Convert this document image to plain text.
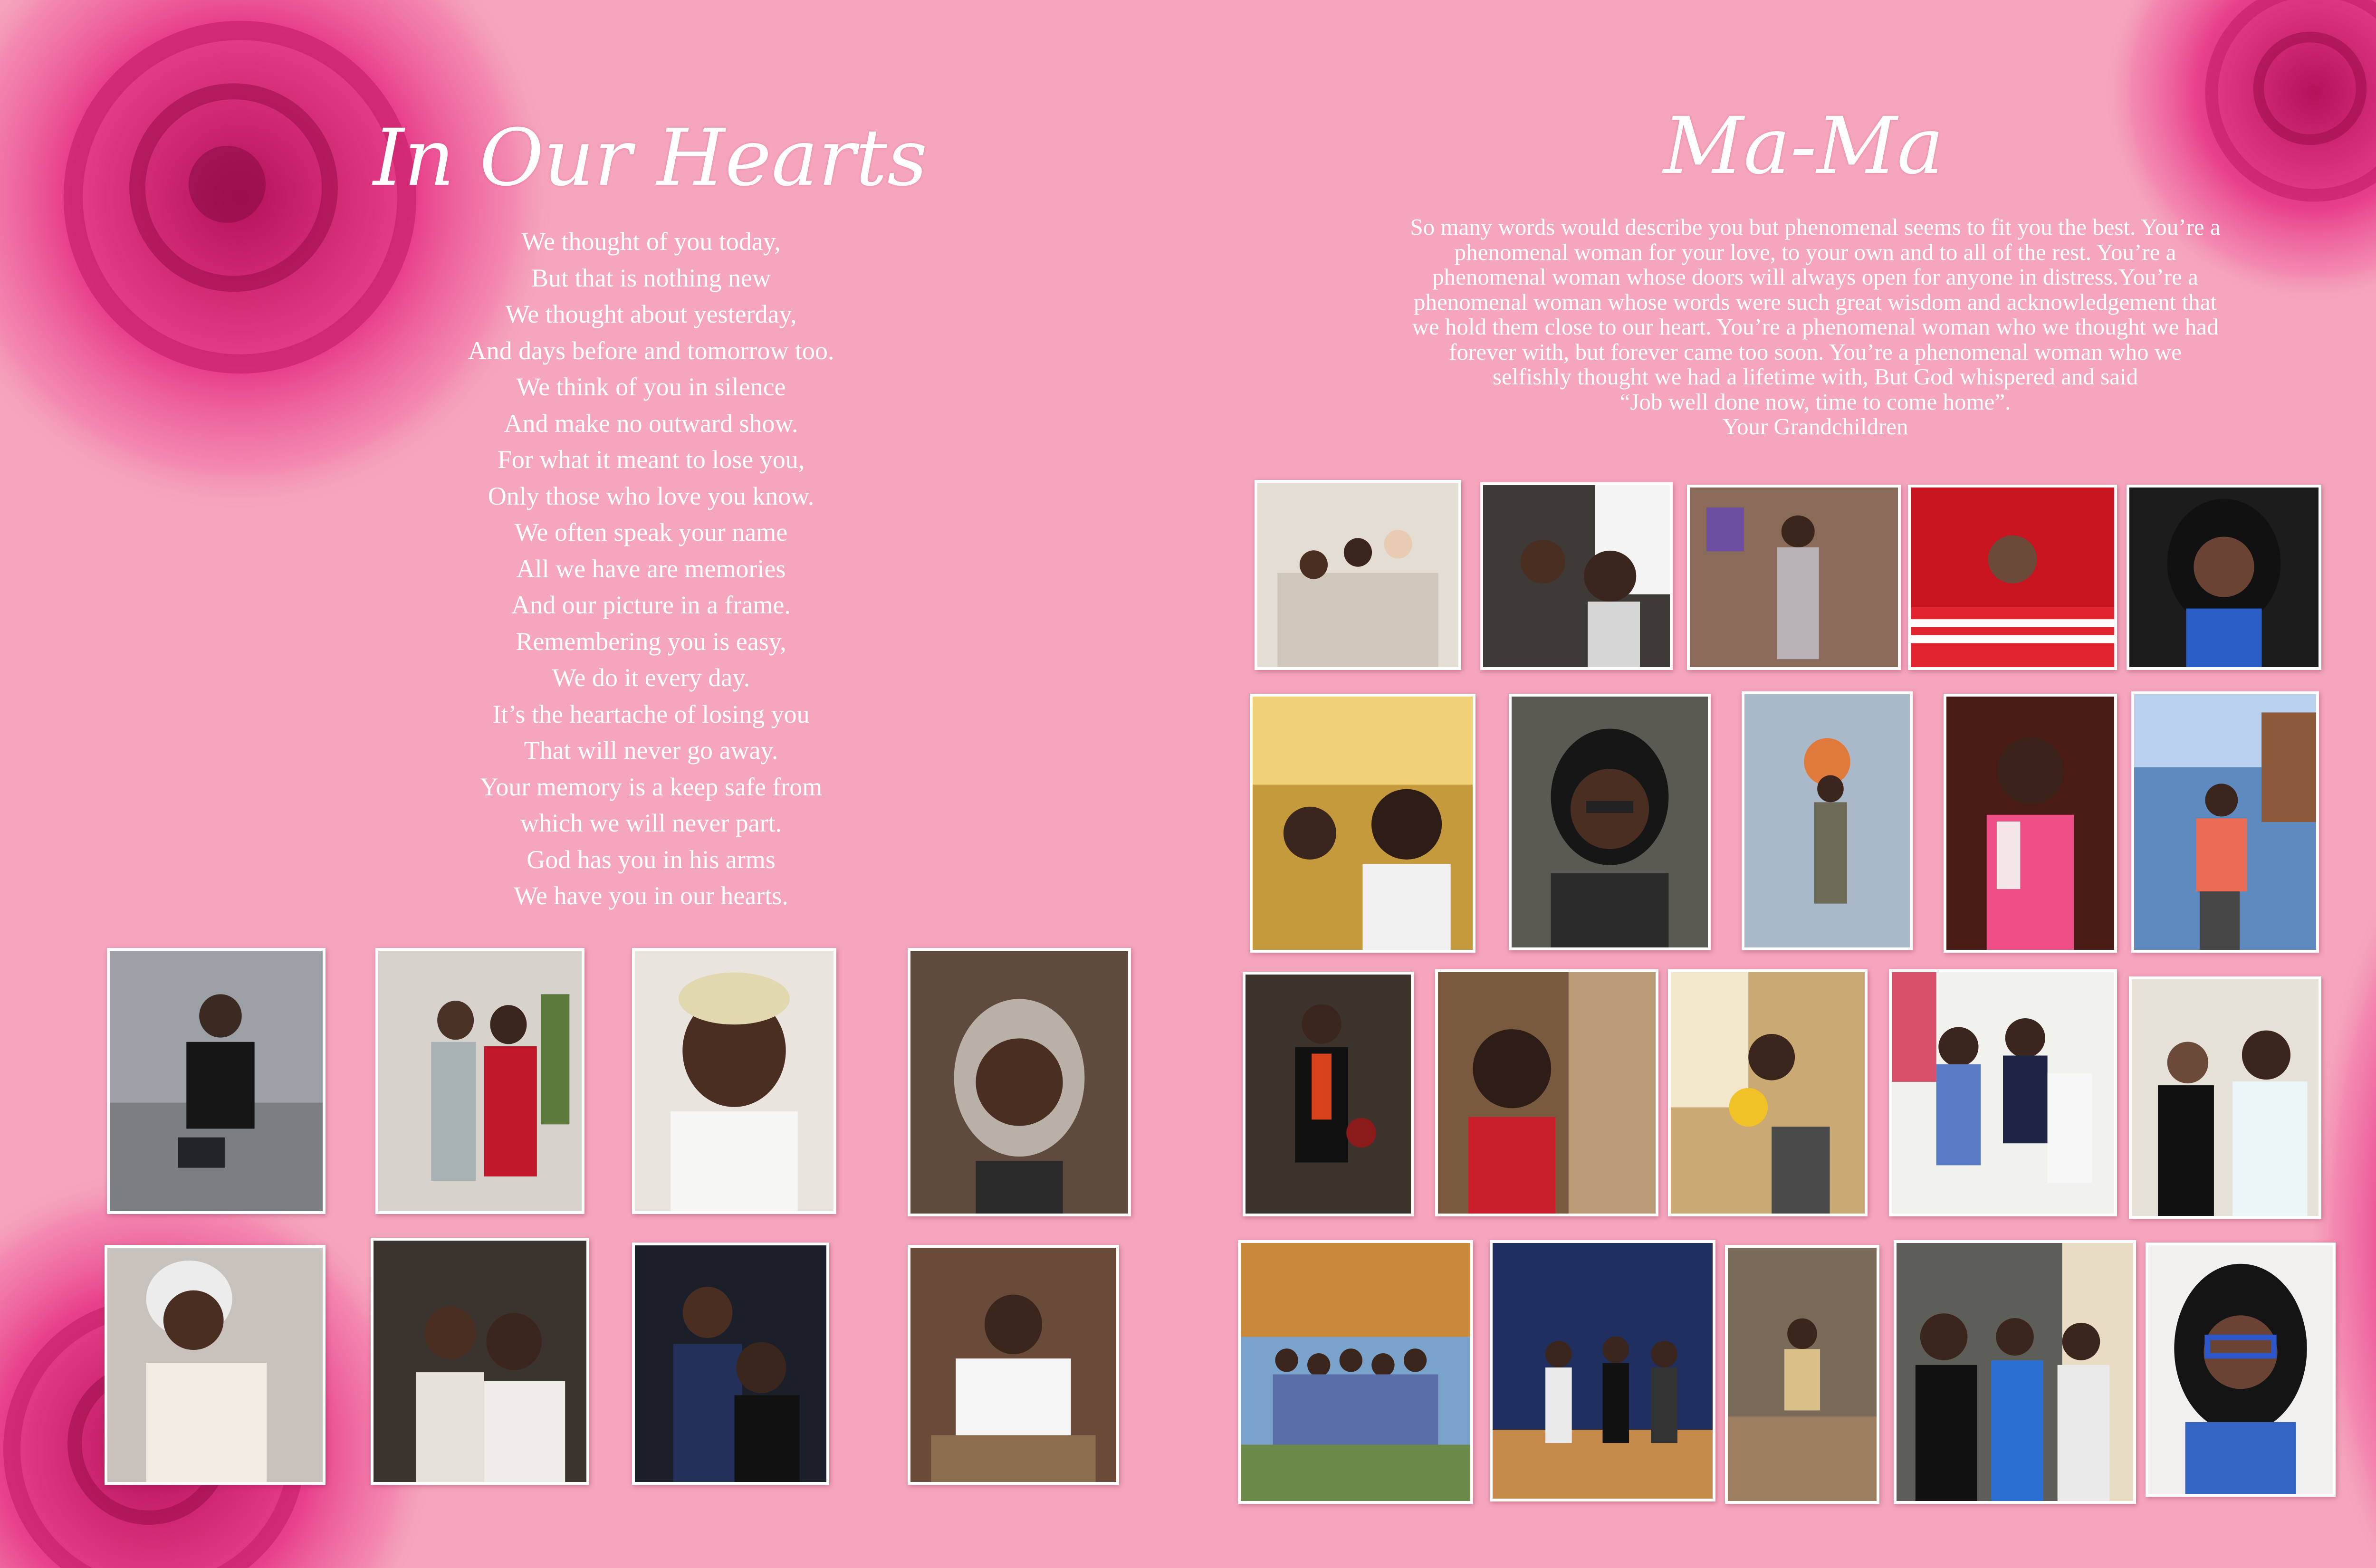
In Our Hearts
We thought of you today,
But that is nothing new
We thought about yesterday,
And days before and tomorrow too.
We think of you in silence
And make no outward show.
For what it meant to lose you,
Only those who love you know.
We often speak your name
All we have are memories
And our picture in a frame.
Remembering you is easy,
We do it every day.
It’s the heartache of losing you
That will never go away.
Your memory is a keep safe from
which we will never part.
God has you in his arms
We have you in our hearts.
Ma-Ma
So many words would describe you but phenomenal seems to fit you the best. You’re a
phenomenal woman for your love, to your own and to all of the rest. You’re a
phenomenal woman whose doors will always open for anyone in distress.You’re a
phenomenal woman whose words were such great wisdom and acknowledgement that
we hold them close to our heart. You’re a phenomenal woman who we thought we had
forever with, but forever came too soon. You’re a phenomenal woman who we
selfishly thought we had a lifetime with, But God whispered and said
“Job well done now, time to come home”.
Your Grandchildren
